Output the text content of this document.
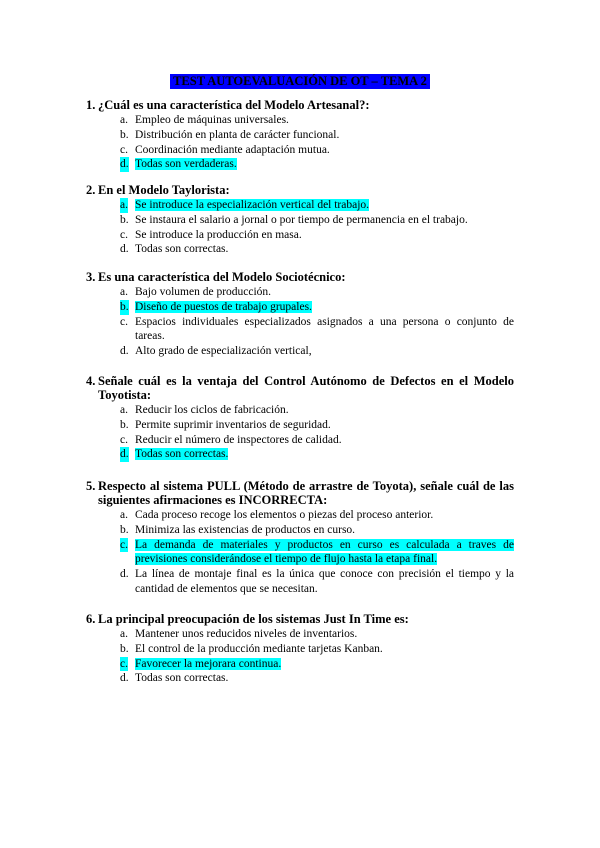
TEST AUTOEVALUACIÓN DE OT – TEMA 2
1. ¿Cuál es una característica del Modelo Artesanal?:
a. Empleo de máquinas universales.
b. Distribución en planta de carácter funcional.
c. Coordinación mediante adaptación mutua.
d. Todas son verdaderas.
2. En el Modelo Taylorista:
a. Se introduce la especialización vertical del trabajo.
b. Se instaura el salario a jornal o por tiempo de permanencia en el trabajo.
c. Se introduce la producción en masa.
d. Todas son correctas.
3. Es una característica del Modelo Sociotécnico:
a. Bajo volumen de producción.
b. Diseño de puestos de trabajo grupales.
c. Espacios individuales especializados asignados a una persona o conjunto de tareas.
d. Alto grado de especialización vertical,
4. Señale cuál es la ventaja del Control Autónomo de Defectos en el Modelo Toyotista:
a. Reducir los ciclos de fabricación.
b. Permite suprimir inventarios de seguridad.
c. Reducir el número de inspectores de calidad.
d. Todas son correctas.
5. Respecto al sistema PULL (Método de arrastre de Toyota), señale cuál de las siguientes afirmaciones es INCORRECTA:
a. Cada proceso recoge los elementos o piezas del proceso anterior.
b. Minimiza las existencias de productos en curso.
c. La demanda de materiales y productos en curso es calculada a traves de previsiones considerándose el tiempo de flujo hasta la etapa final.
d. La línea de montaje final es la única que conoce con precisión el tiempo y la cantidad de elementos que se necesitan.
6. La principal preocupación de los sistemas Just In Time es:
a. Mantener unos reducidos niveles de inventarios.
b. El control de la producción mediante tarjetas Kanban.
c. Favorecer la mejorara continua.
d. Todas son correctas.
